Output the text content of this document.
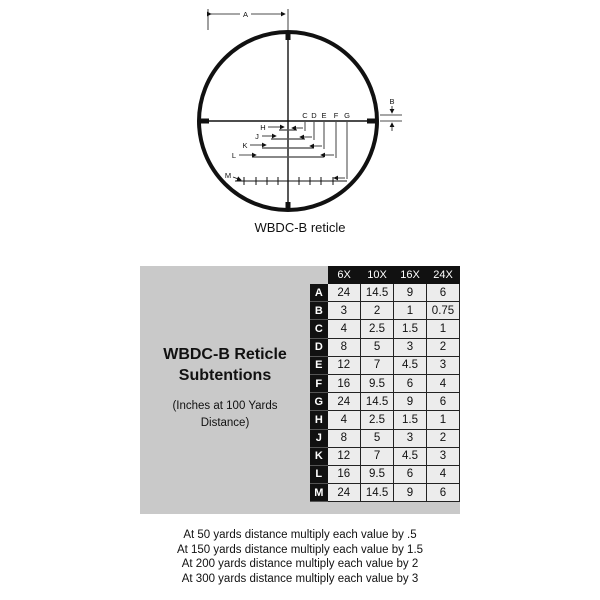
A
B
C D E F G
H
J
K
L
M
WBDC-B reticle
WBDC-B Reticle
Subtentions
(Inches at 100 Yards
Distance)
	6X	10X	16X	24X
A	24	14.5	9	6
B	3	2	1	0.75
C	4	2.5	1.5	1
D	8	5	3	2
E	12	7	4.5	3
F	16	9.5	6	4
G	24	14.5	9	6
H	4	2.5	1.5	1
J	8	5	3	2
K	12	7	4.5	3
L	16	9.5	6	4
M	24	14.5	9	6
At 50 yards distance multiply each value by .5
At 150 yards distance multiply each value by 1.5
At 200 yards distance multiply each value by 2
At 300 yards distance multiply each value by 3
